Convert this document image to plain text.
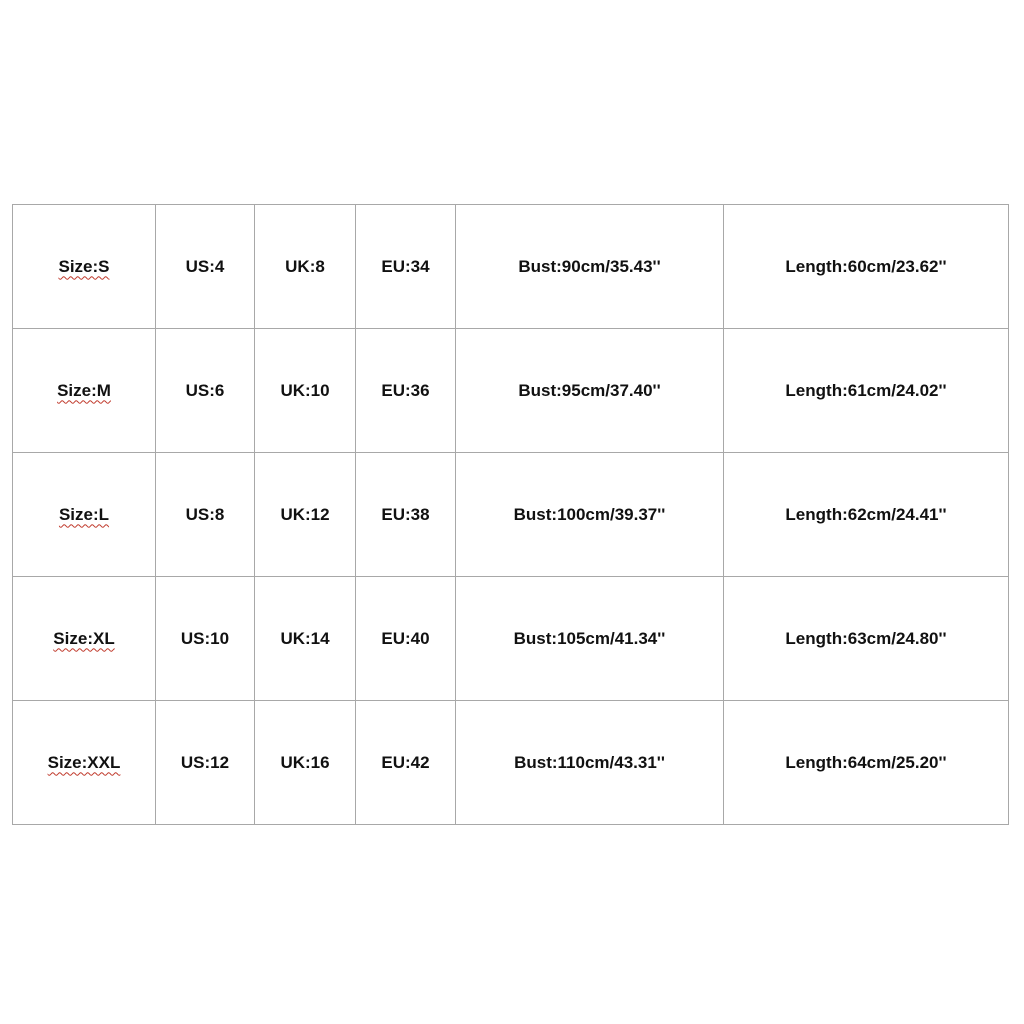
Size:S	US:4	UK:8	EU:34	Bust:90cm/35.43''	Length:60cm/23.62''
Size:M	US:6	UK:10	EU:36	Bust:95cm/37.40''	Length:61cm/24.02''
Size:L	US:8	UK:12	EU:38	Bust:100cm/39.37''	Length:62cm/24.41''
Size:XL	US:10	UK:14	EU:40	Bust:105cm/41.34''	Length:63cm/24.80''
Size:XXL	US:12	UK:16	EU:42	Bust:110cm/43.31''	Length:64cm/25.20''
